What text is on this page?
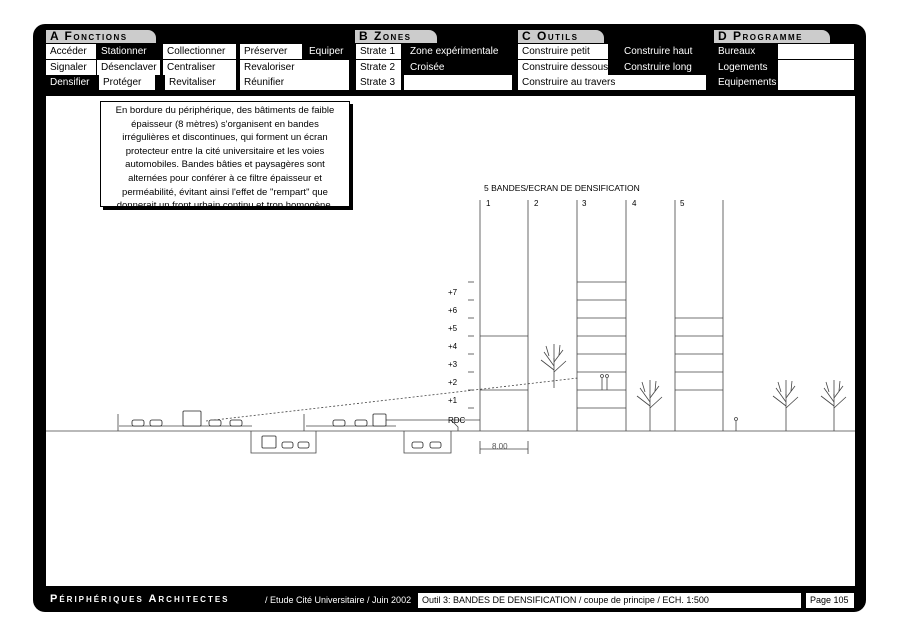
A Fonctions	B Zones	C Outils	D Programme
Accéder	Stationner	Collectionner	Préserver	Equiper
Signaler	Désenclaver	Centraliser	Revaloriser
Densifier	Protéger	Revitaliser	Réunifier
Strate 1	Zone expérimentale
Strate 2	Croisée
Strate 3
Construire petit	Construire haut
Construire dessous	Construire long
Construire au travers
Bureaux
Logements
Equipements
5 BANDES/ECRAN DE DENSIFICATION
1	2	3	4	5
+7
+6
+5
+4
+3
+2
+1
RDC
8.00
En bordure du périphérique, des bâtiments de faible épaisseur (8 mètres) s'organisent en bandes irrégulières et discontinues, qui forment un écran protecteur entre la cité universitaire et les voies automobiles. Bandes bâties et paysagères sont alternées pour conférer à ce filtre épaisseur et perméabilité, évitant ainsi l'effet de "rempart" que donnerait un front urbain continu et trop homogène.
Périphériques Architectes	/ Etude Cité Universitaire / Juin 2002	Outil 3: BANDES DE DENSIFICATION / coupe de principe / ECH. 1:500	Page 105
